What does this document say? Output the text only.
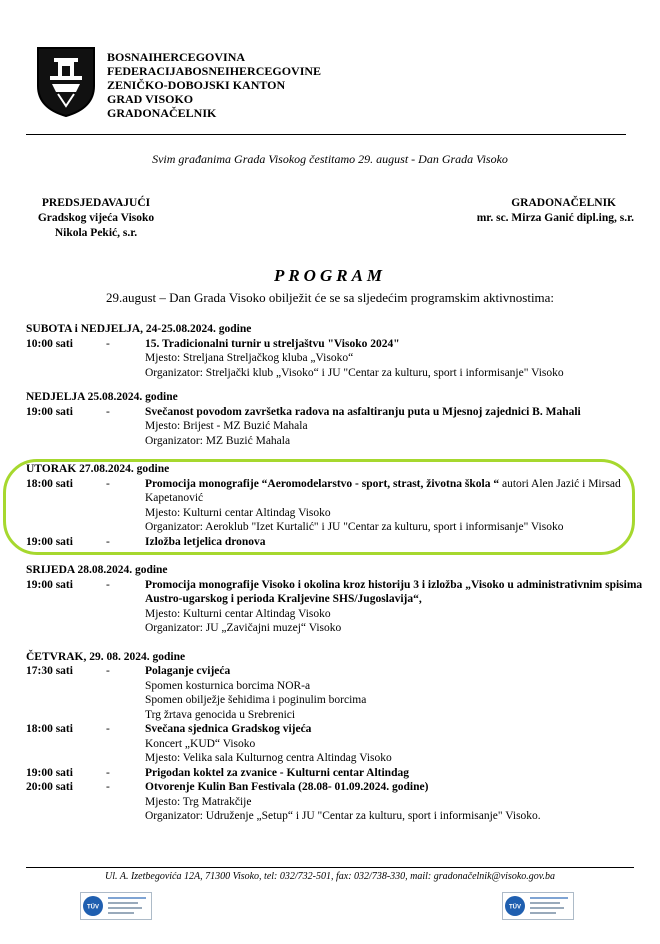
BOSNAIHERCEGOVINA
FEDERACIJABOSNEIHERCEGOVINE
ZENIČKO-DOBOJSKI KANTON
GRAD VISOKO
GRADONAČELNIK
Svim građanima Grada Visokog čestitamo 29. august - Dan Grada Visoko
PREDSJEDAVAJUĆI
Gradskog vijeća Visoko
Nikola Pekić, s.r.
GRADONAČELNIK
mr. sc. Mirza Ganić dipl.ing, s.r.
PROGRAM
29.august – Dan Grada Visoko obilježit će se sa sljedećim programskim aktivnostima:
SUBOTA i NEDJELJA, 24-25.08.2024. godine
10:00 sati	-	15. Tradicionalni turnir u streljaštvu "Visoko 2024"
Mjesto: Streljana Streljačkog kluba „Visoko“
Organizator: Streljački klub „Visoko“ i JU "Centar za kulturu, sport i informisanje" Visoko
NEDJELJA 25.08.2024. godine
19:00 sati	-	Svečanost povodom završetka radova na asfaltiranju puta u Mjesnoj zajednici B. Mahali
Mjesto: Brijest - MZ Buzić Mahala
Organizator: MZ Buzić Mahala
UTORAK 27.08.2024. godine
18:00 sati	-	Promocija monografije “Aeromodelarstvo - sport, strast, životna škola “ autori Alen Jazić i Mirsad Kapetanović
Mjesto: Kulturni centar Altindag Visoko
Organizator: Aeroklub "Izet Kurtalić" i JU "Centar za kulturu, sport i informisanje" Visoko
19:00 sati	-	Izložba letjelica dronova
SRIJEDA 28.08.2024. godine
19:00 sati	-	Promocija monografije Visoko i okolina kroz historiju 3 i izložba „Visoko u administrativnim spisima Austro-ugarskog i perioda Kraljevine SHS/Jugoslavija“,
Mjesto: Kulturni centar Altindag Visoko
Organizator: JU „Zavičajni muzej“ Visoko
ČETVRAK, 29. 08. 2024. godine
17:30 sati	-	Polaganje cvijeća
Spomen kosturnica borcima NOR-a
Spomen obilježje šehidima i poginulim borcima
Trg žrtava genocida u Srebrenici
18:00 sati	-	Svečana sjednica Gradskog vijeća
Koncert „KUD“ Visoko
Mjesto: Velika sala Kulturnog centra Altindag Visoko
19:00 sati	-	Prigodan koktel za zvanice - Kulturni centar Altindag
20:00 sati	-	Otvorenje Kulin Ban Festivala (28.08- 01.09.2024. godine)
Mjesto: Trg Matrakčije
Organizator: Udruženje „Setup“ i JU "Centar za kulturu, sport i informisanje" Visoko.
Ul. A. Izetbegovića 12A, 71300 Visoko, tel: 032/732-501, fax: 032/738-330, mail: gradonačelnik@visoko.gov.ba
TÜV	TÜV
